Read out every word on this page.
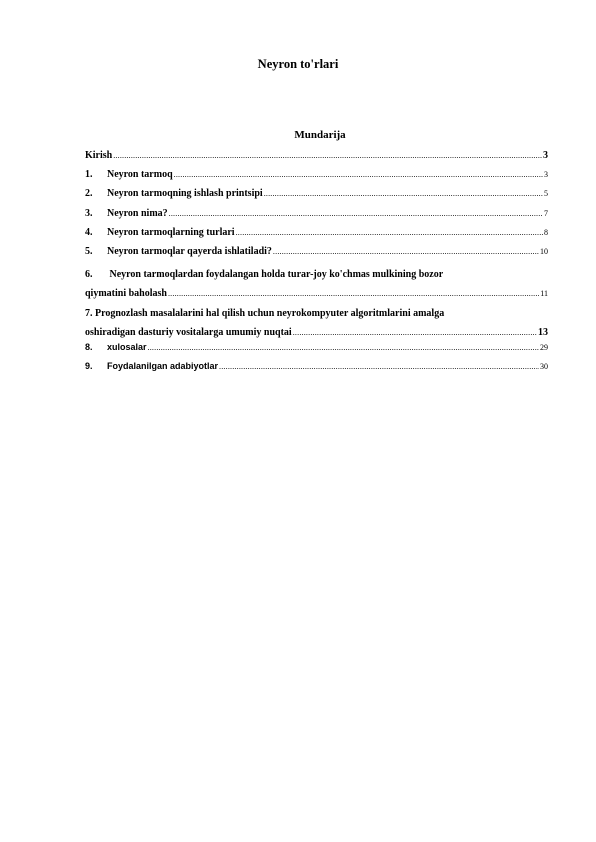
Neyron to'rlari
Mundarija
Kirish .....	3
1.	Neyron tarmoq .....	3
2.	Neyron tarmoqning ishlash printsipi .....	5
3.	Neyron nima? .....	7
4.	Neyron tarmoqlarning turlari .....	8
5.	Neyron tarmoqlar qayerda ishlatiladi? .....	10
6. Neyron tarmoqlardan foydalangan holda turar-joy ko'chmas mulkining bozor
qiymatini baholash .....	11
7. Prognozlash masalalarini hal qilish uchun neyrokompyuter algoritmlarini amalga
oshiradigan dasturiy vositalarga umumiy nuqtai .....	13
8.	xulosalar .....	29
9.	Foydalanilgan adabiyotlar .....	30
